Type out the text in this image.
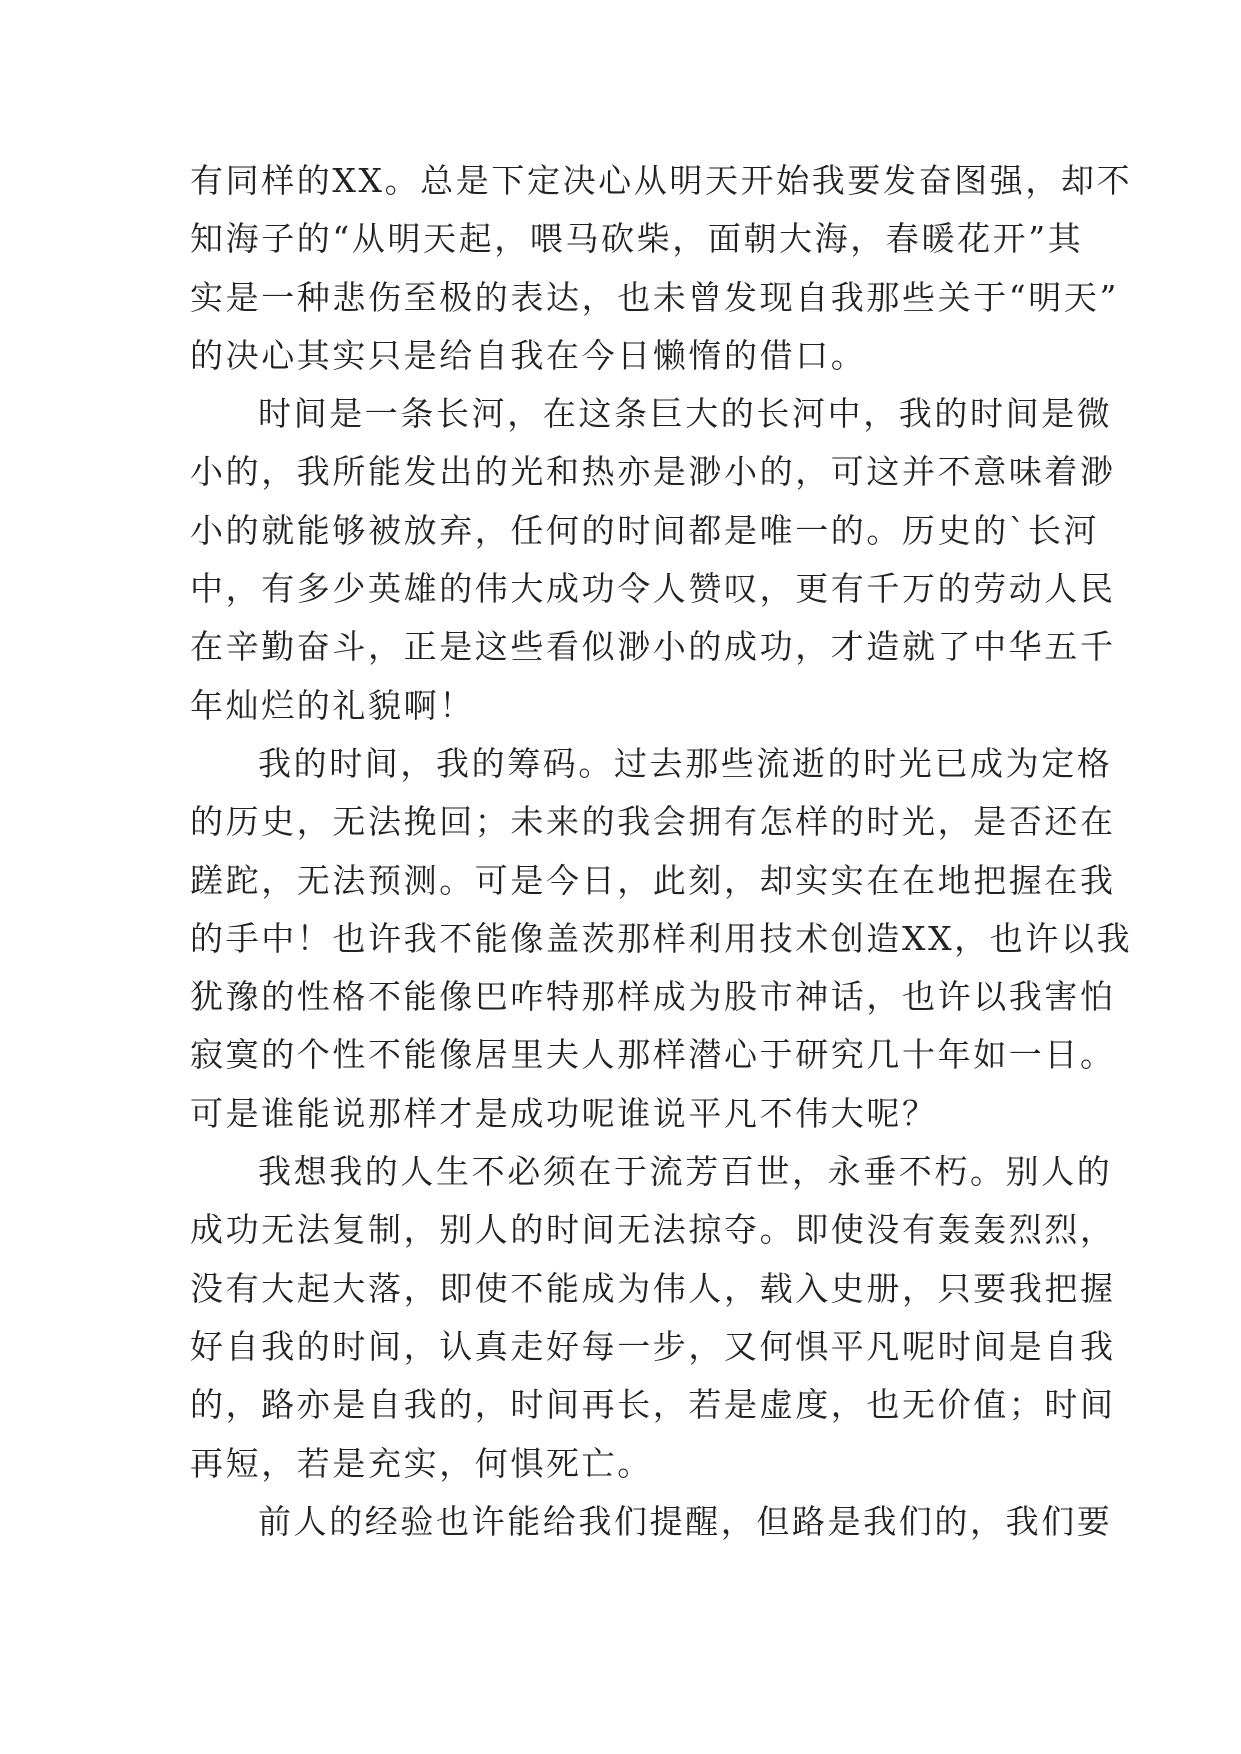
有同样的XX。总是下定决心从明天开始我要发奋图强，却不
知海子的“从明天起，喂马砍柴，面朝大海，春暖花开”其
实是一种悲伤至极的表达，也未曾发现自我那些关于“明天”
的决心其实只是给自我在今日懒惰的借口。
时间是一条长河，在这条巨大的长河中，我的时间是微
小的，我所能发出的光和热亦是渺小的，可这并不意味着渺
小的就能够被放弃，任何的时间都是唯一的。历史的`长河
中，有多少英雄的伟大成功令人赞叹，更有千万的劳动人民
在辛勤奋斗，正是这些看似渺小的成功，才造就了中华五千
年灿烂的礼貌啊！
我的时间，我的筹码。过去那些流逝的时光已成为定格
的历史，无法挽回；未来的我会拥有怎样的时光，是否还在
蹉跎，无法预测。可是今日，此刻，却实实在在地把握在我
的手中！也许我不能像盖茨那样利用技术创造XX，也许以我
犹豫的性格不能像巴咋特那样成为股市神话，也许以我害怕
寂寞的个性不能像居里夫人那样潜心于研究几十年如一日。
可是谁能说那样才是成功呢谁说平凡不伟大呢？
我想我的人生不必须在于流芳百世，永垂不朽。别人的
成功无法复制，别人的时间无法掠夺。即使没有轰轰烈烈，
没有大起大落，即使不能成为伟人，载入史册，只要我把握
好自我的时间，认真走好每一步，又何惧平凡呢时间是自我
的，路亦是自我的，时间再长，若是虚度，也无价值；时间
再短，若是充实，何惧死亡。
前人的经验也许能给我们提醒，但路是我们的，我们要
